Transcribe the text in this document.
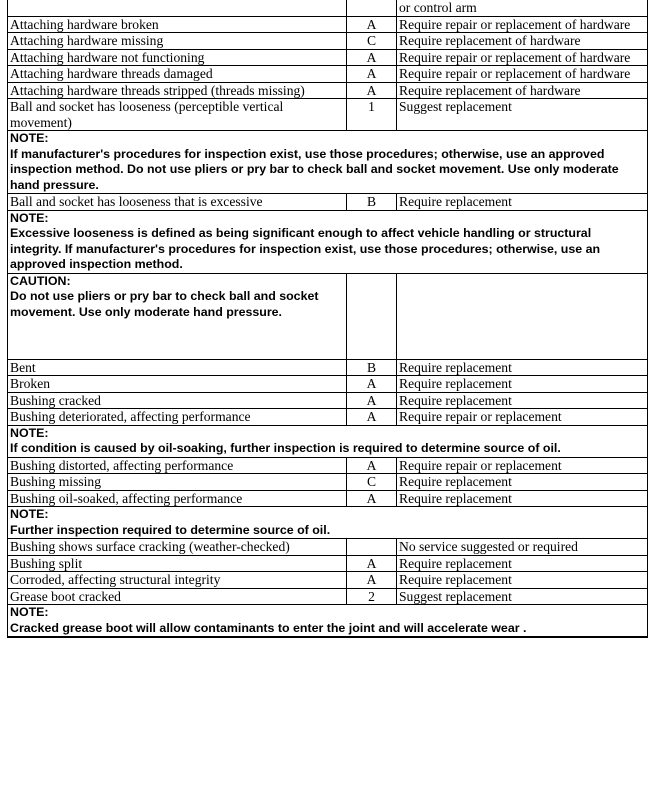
		or control arm
Attaching hardware broken	A	Require repair or replacement of hardware
Attaching hardware missing	C	Require replacement of hardware
Attaching hardware not functioning	A	Require repair or replacement of hardware
Attaching hardware threads damaged	A	Require repair or replacement of hardware
Attaching hardware threads stripped (threads missing)	A	Require replacement of hardware
Ball and socket has looseness (perceptible vertical movement)	1	Suggest replacement

NOTE:
If manufacturer's procedures for inspection exist, use those procedures; otherwise, use an approved inspection method. Do not use pliers or pry bar to check ball and socket movement. Use only moderate hand pressure.		

Ball and socket has looseness that is excessive	B	Require replacement

NOTE:
Excessive looseness is defined as being significant enough to affect vehicle handling or structural integrity. If manufacturer's procedures for inspection exist, use those procedures; otherwise, use an approved inspection method.		

CAUTION:
Do not use pliers or pry bar to check ball and socket movement. Use only moderate hand pressure.		

Bent	B	Require replacement
Broken	A	Require replacement
Bushing cracked	A	Require replacement
Bushing deteriorated, affecting performance	A	Require repair or replacement

NOTE:
If condition is caused by oil-soaking, further inspection is required to determine source of oil.		

Bushing distorted, affecting performance	A	Require repair or replacement
Bushing missing	C	Require replacement
Bushing oil-soaked, affecting performance	A	Require replacement

NOTE:
Further inspection required to determine source of oil.		

Bushing shows surface cracking (weather-checked)		No service suggested or required
Bushing split	A	Require replacement
Corroded, affecting structural integrity	A	Require replacement
Grease boot cracked	2	Suggest replacement

NOTE:
Cracked grease boot will allow contaminants to enter the joint and will accelerate wear .		
